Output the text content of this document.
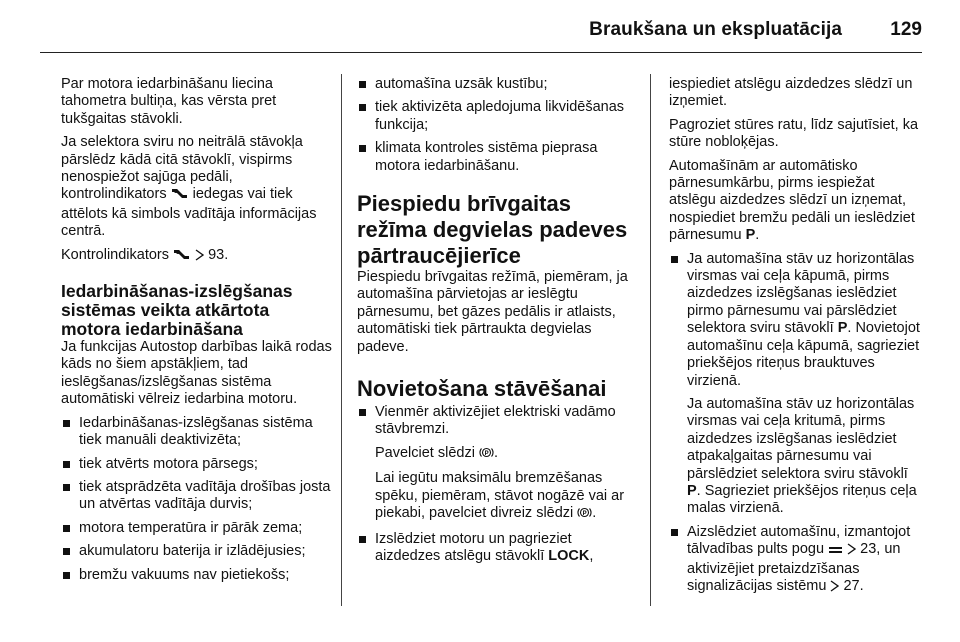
Braukšana un ekspluatācija	129

Par motora iedarbināšanu liecina tahometra bultiņa, kas vērsta pret tukšgaitas stāvokli.

Ja selektora sviru no neitrālā stāvokļa pārslēdz kādā citā stāvoklī, vispirms nenospiežot sajūga pedāli, kontrolindikators iedegas vai tiek attēlots kā simbols vadītāja informācijas centrā.

Kontrolindikators	93.

Iedarbināšanas-izslēgšanas sistēmas veikta atkārtota motora iedarbināšana

Ja funkcijas Autostop darbības laikā rodas kāds no šiem apstākļiem, tad ieslēgšanas/izslēgšanas sistēma automātiski vēlreiz iedarbina motoru.

Iedarbināšanas-izslēgšanas sistēma tiek manuāli deaktivizēta;
tiek atvērts motora pārsegs;
tiek atsprādzēta vadītāja drošības josta un atvērtas vadītāja durvis;
motora temperatūra ir pārāk zema;
akumulatoru baterija ir izlādējusies;
bremžu vakuums nav pietiekošs;
automašīna uzsāk kustību;
tiek aktivizēta apledojuma likvidēšanas funkcija;
klimata kontroles sistēma pieprasa motora iedarbināšanu.
Piespiedu brīvgaitas režīma degvielas padeves pārtraucējierīce

Piespiedu brīvgaitas režīmā, piemēram, ja automašīna pārvietojas ar ieslēgtu pārnesumu, bet gāzes pedālis ir atlaists, automātiski tiek pārtraukta degvielas padeve.

Novietošana stāvēšanai

Vienmēr aktivizējiet elektriski vadāmo stāvbremzi.

Pavelciet slēdzi P .

Lai iegūtu maksimālu bremzēšanas spēku, piemēram, stāvot nogāzē vai ar piekabi, pavelciet divreiz slēdzi P .

Izslēdziet motoru un pagrieziet aizdedzes atslēgu stāvoklī LOCK,

iespiediet atslēgu aizdedzes slēdzī un izņemiet.

Pagroziet stūres ratu, līdz sajutīsiet, ka stūre nobloķējas.

Automašīnām ar automātisko pārnesumkārbu, pirms iespiežat atslēgu aizdedzes slēdzī un izņemat, nospiediet bremžu pedāli un ieslēdziet pārnesumu P.

Ja automašīna stāv uz horizontālas virsmas vai ceļa kāpumā, pirms aizdedzes izslēgšanas ieslēdziet pirmo pārnesumu vai pārslēdziet selektora sviru stāvoklī P. Novietojot automašīnu ceļa kāpumā, sagrieziet priekšējos riteņus brauktuves virzienā.

Ja automašīna stāv uz horizontālas virsmas vai ceļa kritumā, pirms aizdedzes izslēgšanas ieslēdziet atpakaļgaitas pārnesumu vai pārslēdziet selektora sviru stāvoklī P. Sagrieziet priekšējos riteņus ceļa malas virzienā.

Aizslēdziet automašīnu, izmantojot tālvadības pults pogu 23, un aktivizējiet pretaizdzīšanas signalizācijas sistēmu 27.
